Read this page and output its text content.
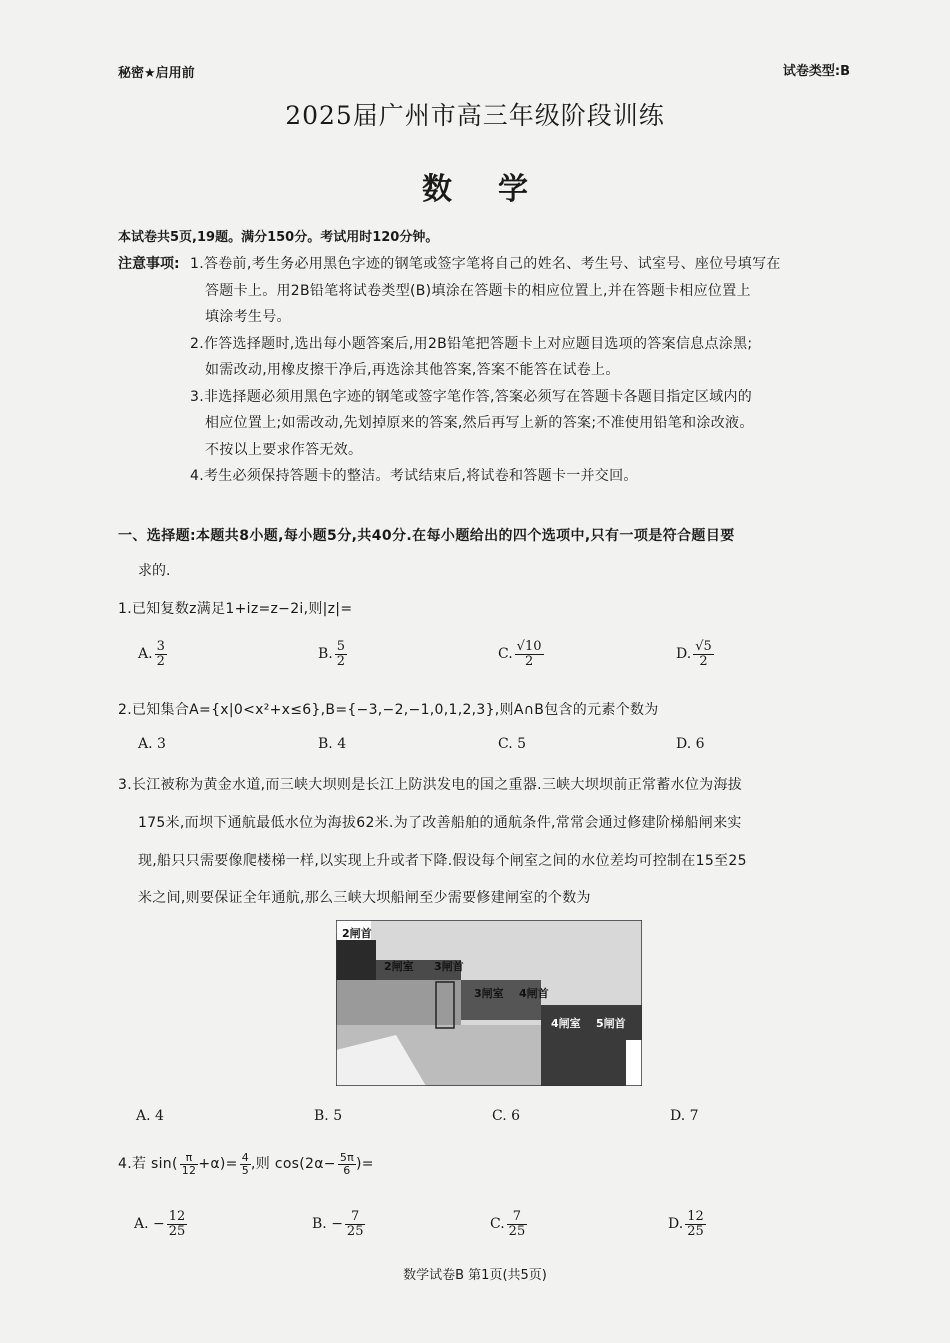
秘密★启用前	试卷类型:B
2025届广州市高三年级阶段训练
数学
本试卷共5页,19题。满分150分。考试用时120分钟。
注意事项: 1.答卷前,考生务必用黑色字迹的钢笔或签字笔将自己的姓名、考生号、试室号、座位号填写在
答题卡上。用2B铅笔将试卷类型(B)填涂在答题卡的相应位置上,并在答题卡相应位置上
填涂考生号。
2.作答选择题时,选出每小题答案后,用2B铅笔把答题卡上对应题目选项的答案信息点涂黑;
如需改动,用橡皮擦干净后,再选涂其他答案,答案不能答在试卷上。
3.非选择题必须用黑色字迹的钢笔或签字笔作答,答案必须写在答题卡各题目指定区域内的
相应位置上;如需改动,先划掉原来的答案,然后再写上新的答案;不准使用铅笔和涂改液。
不按以上要求作答无效。
4.考生必须保持答题卡的整洁。考试结束后,将试卷和答题卡一并交回。
一、选择题:本题共8小题,每小题5分,共40分.在每小题给出的四个选项中,只有一项是符合题目要
求的.
1.已知复数z满足1+iz=z−2i,则|z|=
A. $\frac{3}{2}$	B. $\frac{5}{2}$	C. $\frac{√10}{2}$	D. $\frac{√5}{2}$
2.已知集合A={x|0<x²+x≤6},B={−3,−2,−1,0,1,2,3},则A∩B包含的元素个数为
A. 3	B. 4	C. 5	D. 6
3.长江被称为黄金水道,而三峡大坝则是长江上防洪发电的国之重器.三峡大坝坝前正常蓄水位为海拔
175米,而坝下通航最低水位为海拔62米.为了改善船舶的通航条件,常常会通过修建阶梯船闸来实
现,船只只需要像爬楼梯一样,以实现上升或者下降.假设每个闸室之间的水位差均可控制在15至25
米之间,则要保证全年通航,那么三峡大坝船闸至少需要修建闸室的个数为
2闸首
2闸室 3闸首
3闸室 4闸首
4闸室 5闸首
A. 4	B. 5	C. 6	D. 7
4.若 $\sin( \frac{\pi}{12} +\alpha)= \frac{4}{5}$ ,则 $\cos(2\alpha- \frac{5\pi}{6}$ )=
A. − $\frac{12}{25}$	B. − $\frac{7}{25}$	C. $\frac{7}{25}$	D. $\frac{12}{25}$
数学试卷B 第1页(共5页)
